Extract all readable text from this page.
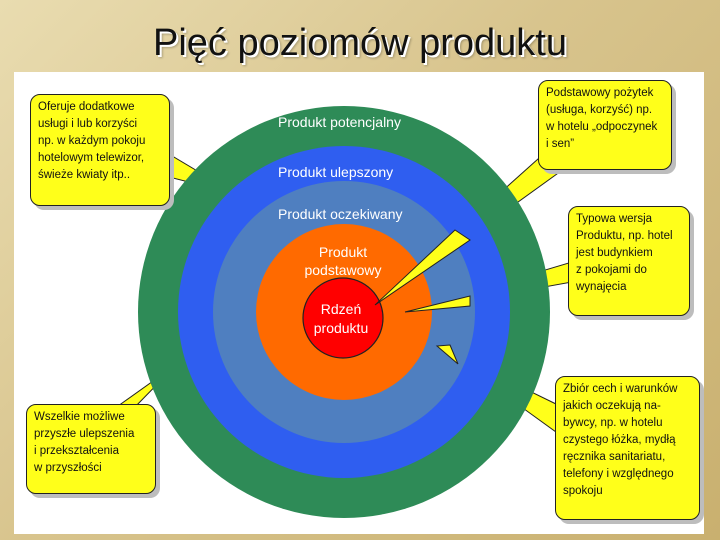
Pięć poziomów produktu
Produkt potencjalny
Produkt ulepszony
Produkt oczekiwany
Produkt
podstawowy
Rdzeń
produktu
Oferuje dodatkowe
usługi i lub korzyści
np. w każdym pokoju
hotelowym telewizor,
świeże kwiaty itp..
Podstawowy pożytek
(usługa, korzyść) np.
w hotelu „odpoczynek
i sen”
Typowa wersja
Produktu, np. hotel
jest budynkiem
z pokojami do
wynajęcia
Wszelkie możliwe
przyszłe ulepszenia
i przekształcenia
w przyszłości
Zbiór cech i warunków
jakich oczekują na-
bywcy, np. w hotelu
czystego łóżka, mydłą
ręcznika sanitariatu,
telefony i względnego
spokoju
